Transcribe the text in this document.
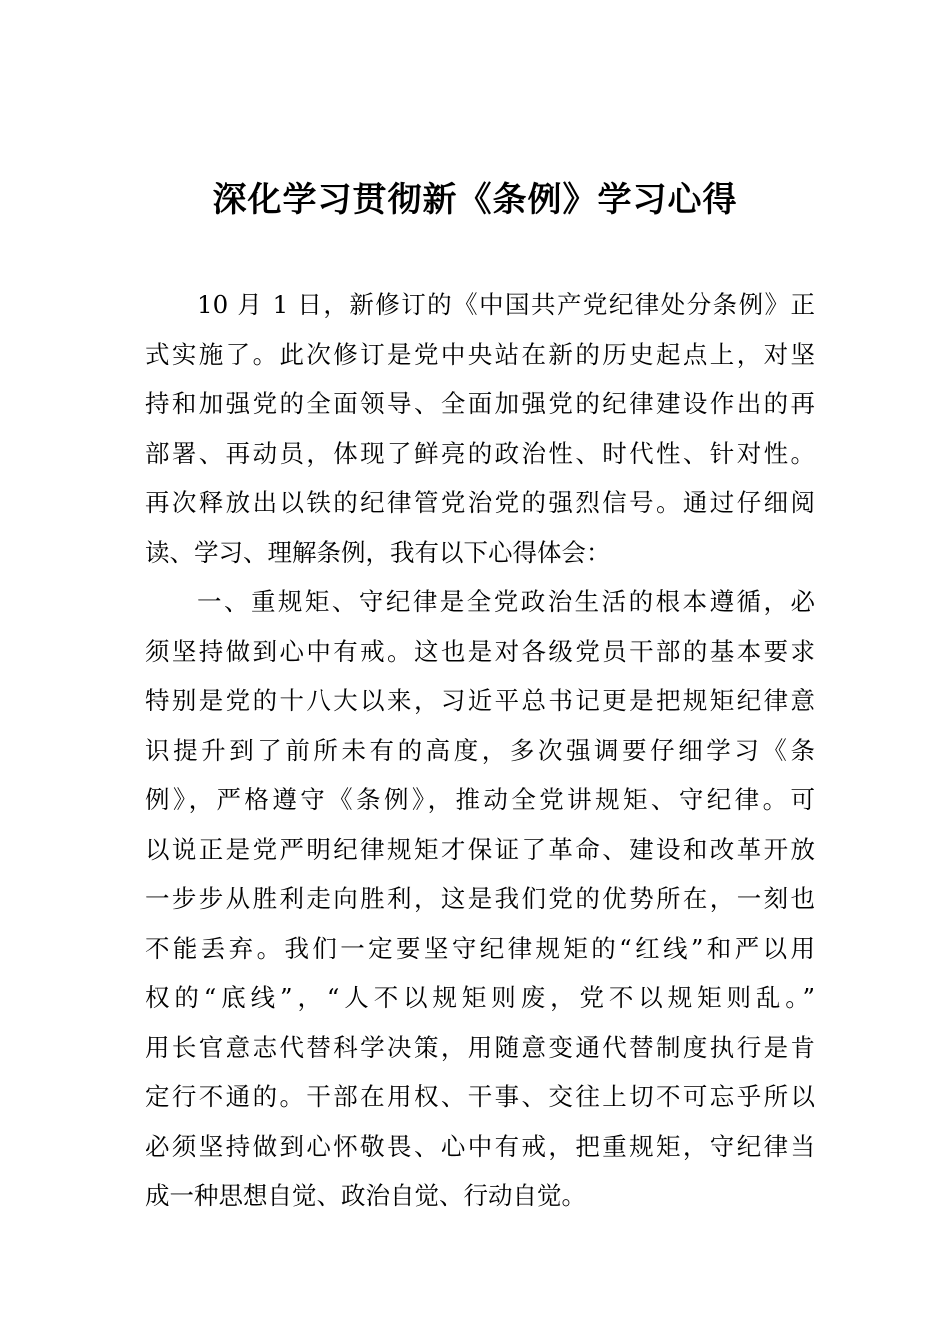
深化学习贯彻新《条例》学习心得
10 月 1 日，新修订的《中国共产党纪律处分条例》正
式实施了。此次修订是党中央站在新的历史起点上，对坚
持和加强党的全面领导、全面加强党的纪律建设作出的再
部署、再动员，体现了鲜亮的政治性、时代性、针对性。
再次释放出以铁的纪律管党治党的强烈信号。通过仔细阅
读、学习、理解条例，我有以下心得体会：
一、重规矩、守纪律是全党政治生活的根本遵循，必
须坚持做到心中有戒。这也是对各级党员干部的基本要求
特别是党的十八大以来，习近平总书记更是把规矩纪律意
识提升到了前所未有的高度，多次强调要仔细学习《条
例》，严格遵守《条例》，推动全党讲规矩、守纪律。可
以说正是党严明纪律规矩才保证了革命、建设和改革开放
一步步从胜利走向胜利，这是我们党的优势所在，一刻也
不能丢弃。我们一定要坚守纪律规矩的“红线”和严以用
权的“底线”，“人不以规矩则废，党不以规矩则乱。”
用长官意志代替科学决策，用随意变通代替制度执行是肯
定行不通的。干部在用权、干事、交往上切不可忘乎所以
必须坚持做到心怀敬畏、心中有戒，把重规矩，守纪律当
成一种思想自觉、政治自觉、行动自觉。
